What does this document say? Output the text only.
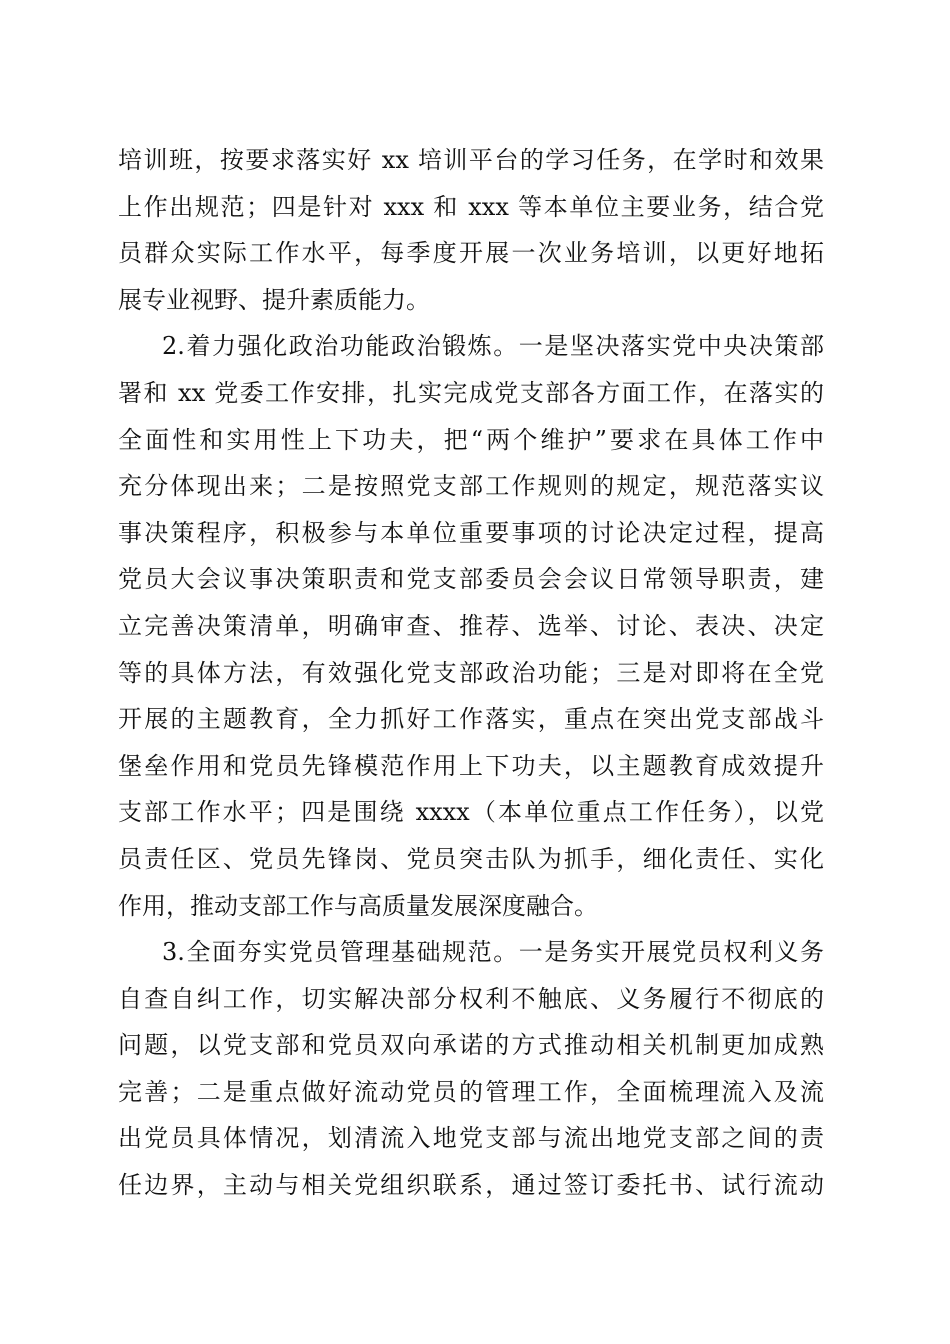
培训班，按要求落实好 xx 培训平台的学习任务，在学时和效果
上作出规范；四是针对 xxx 和 xxx 等本单位主要业务，结合党
员群众实际工作水平，每季度开展一次业务培训，以更好地拓
展专业视野、提升素质能力。
2.着力强化政治功能政治锻炼。一是坚决落实党中央决策部
署和 xx 党委工作安排，扎实完成党支部各方面工作，在落实的
全面性和实用性上下功夫，把“两个维护”要求在具体工作中
充分体现出来；二是按照党支部工作规则的规定，规范落实议
事决策程序，积极参与本单位重要事项的讨论决定过程，提高
党员大会议事决策职责和党支部委员会会议日常领导职责，建
立完善决策清单，明确审查、推荐、选举、讨论、表决、决定
等的具体方法，有效强化党支部政治功能；三是对即将在全党
开展的主题教育，全力抓好工作落实，重点在突出党支部战斗
堡垒作用和党员先锋模范作用上下功夫，以主题教育成效提升
支部工作水平；四是围绕 xxxx（本单位重点工作任务），以党
员责任区、党员先锋岗、党员突击队为抓手，细化责任、实化
作用，推动支部工作与高质量发展深度融合。
3.全面夯实党员管理基础规范。一是务实开展党员权利义务
自查自纠工作，切实解决部分权利不触底、义务履行不彻底的
问题，以党支部和党员双向承诺的方式推动相关机制更加成熟
完善；二是重点做好流动党员的管理工作，全面梳理流入及流
出党员具体情况，划清流入地党支部与流出地党支部之间的责
任边界，主动与相关党组织联系，通过签订委托书、试行流动
